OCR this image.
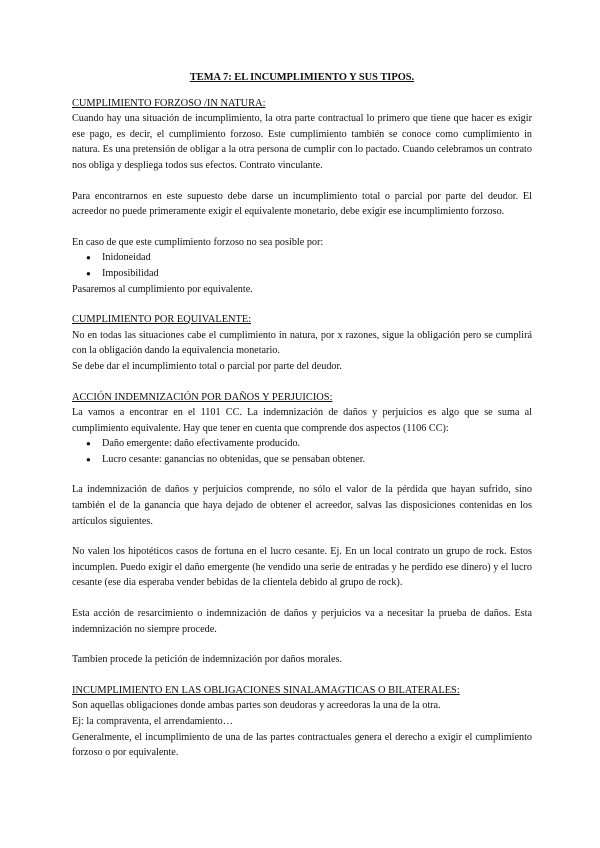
TEMA 7: EL INCUMPLIMIENTO Y SUS TIPOS.

CUMPLIMIENTO FORZOSO /IN NATURA:

Cuando hay una situación de incumplimiento, la otra parte contractual lo primero que tiene que hacer es exigir ese pago, es decir, el cumplimiento forzoso. Este cumplimiento también se conoce como cumplimiento in natura. Es una pretensión de obligar a la otra persona de cumplir con lo pactado. Cuando celebramos un contrato nos obliga y despliega todos sus efectos. Contrato vinculante.

Para encontrarnos en este supuesto debe darse un incumplimiento total o parcial por parte del deudor. El acreedor no puede primeramente exigir el equivalente monetario, debe exigir ese incumplimiento forzoso.

En caso de que este cumplimiento forzoso no sea posible por:

● Inidoneidad
● Imposibilidad

Pasaremos al cumplimiento por equivalente.

CUMPLIMIENTO POR EQUIVALENTE:

No en todas las situaciones cabe el cumplimiento in natura, por x razones, sigue la obligación pero se cumplirá con la obligación dando la equivalencia monetario.

Se debe dar el incumplimiento total o parcial por parte del deudor.

ACCIÓN INDEMNIZACIÓN POR DAÑOS Y PERJUICIOS:

La vamos a encontrar en el 1101 CC. La indemnización de daños y perjuicios es algo que se suma al cumplimiento equivalente. Hay que tener en cuenta que comprende dos aspectos (1106 CC):

● Daño emergente: daño efectivamente producido.
● Lucro cesante: ganancias no obtenidas, que se pensaban obtener.

La indemnización de daños y perjuicios comprende, no sólo el valor de la pérdida que hayan sufrido, sino también el de la ganancia que haya dejado de obtener el acreedor, salvas las disposiciones contenidas en los artículos siguientes.

No valen los hipotéticos casos de fortuna en el lucro cesante. Ej. En un local contrato un grupo de rock. Estos incumplen. Puedo exigir el daño emergente (he vendido una serie de entradas y he perdido ese dinero) y el lucro cesante (ese dia esperaba vender bebidas de la clientela debido al grupo de rock).

Esta acción de resarcimiento o indemnización de daños y perjuicios va a necesitar la prueba de daños. Esta indemnización no siempre procede.

Tambien procede la petición de indemnización por daños morales.

INCUMPLIMIENTO EN LAS OBLIGACIONES SINALAMAGTICAS O BILATERALES:

Son aquellas obligaciones donde ambas partes son deudoras y acreedoras la una de la otra.

Ej: la compraventa, el arrendamiento…

Generalmente, el incumplimiento de una de las partes contractuales genera el derecho a exigir el cumplimiento forzoso o por equivalente.
